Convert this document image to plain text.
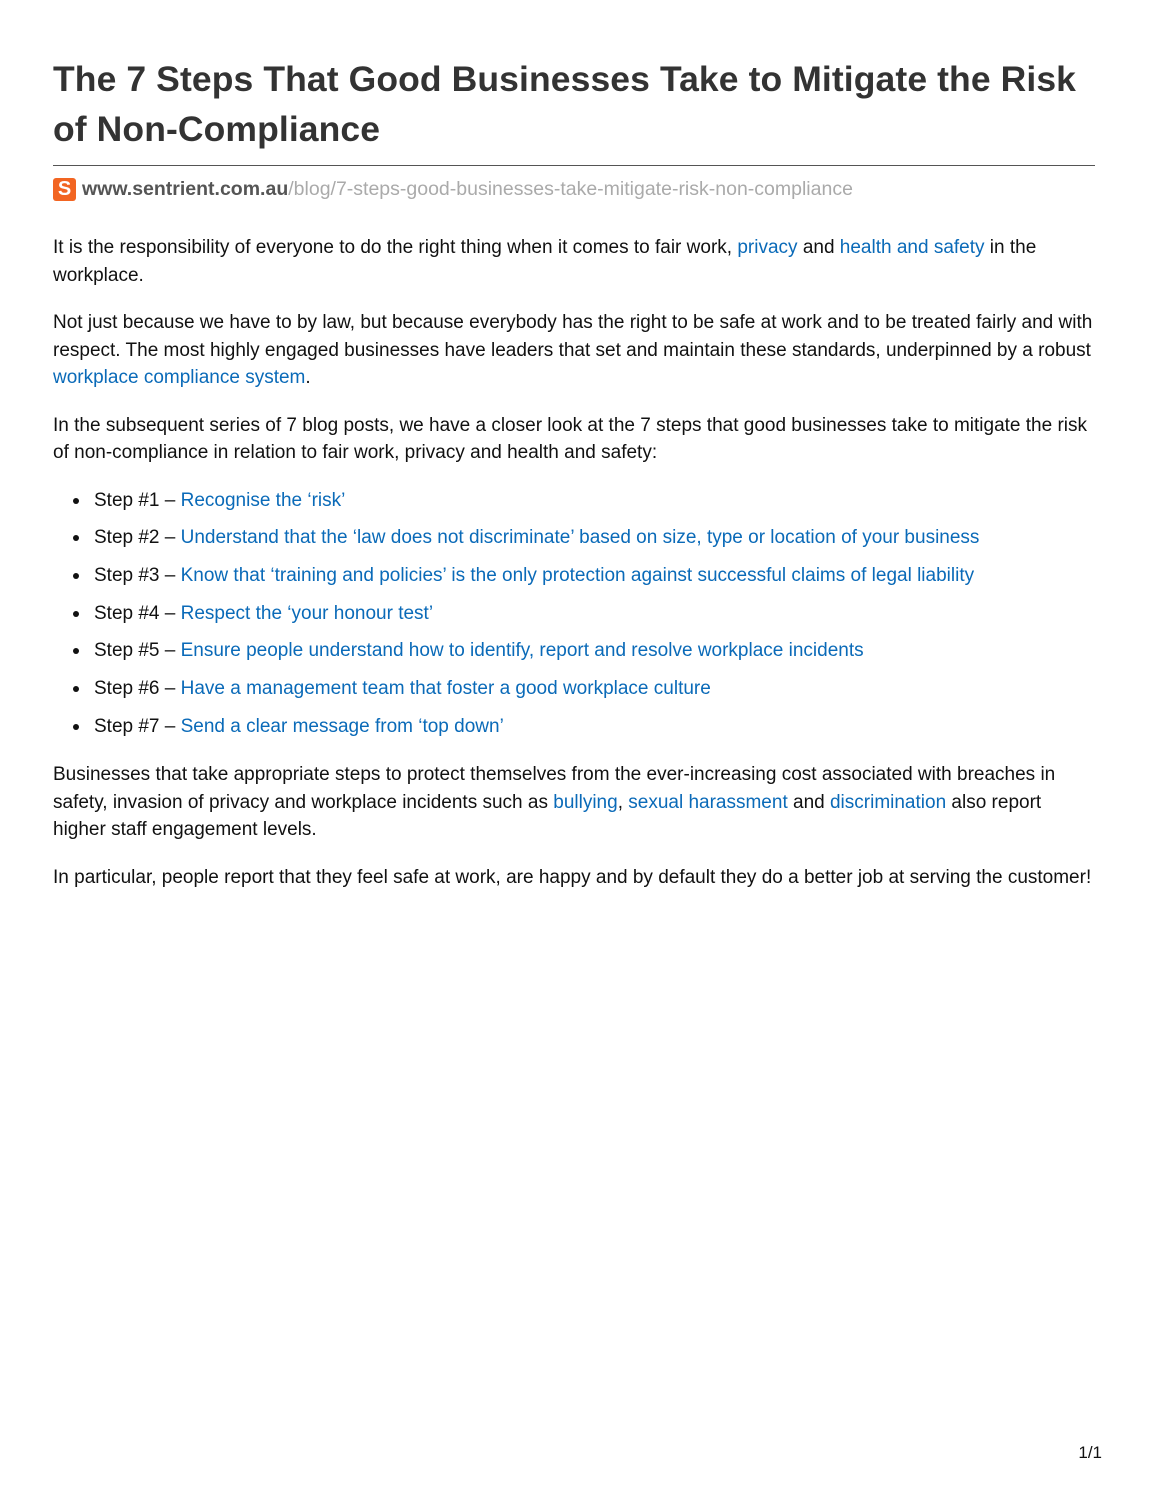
The 7 Steps That Good Businesses Take to Mitigate the Risk of Non-Compliance
S www.sentrient.com.au /blog/7-steps-good-businesses-take-mitigate-risk-non-compliance

It is the responsibility of everyone to do the right thing when it comes to fair work, privacy and health and safety in the workplace.

Not just because we have to by law, but because everybody has the right to be safe at work and to be treated fairly and with respect. The most highly engaged businesses have leaders that set and maintain these standards, underpinned by a robust workplace compliance system.

In the subsequent series of 7 blog posts, we have a closer look at the 7 steps that good businesses take to mitigate the risk of non-compliance in relation to fair work, privacy and health and safety:

Step #1 – Recognise the ‘risk’
Step #2 – Understand that the ‘law does not discriminate’ based on size, type or location of your business
Step #3 – Know that ‘training and policies’ is the only protection against successful claims of legal liability
Step #4 – Respect the ‘your honour test’
Step #5 – Ensure people understand how to identify, report and resolve workplace incidents
Step #6 – Have a management team that foster a good workplace culture
Step #7 – Send a clear message from ‘top down’

Businesses that take appropriate steps to protect themselves from the ever-increasing cost associated with breaches in safety, invasion of privacy and workplace incidents such as bullying, sexual harassment and discrimination also report higher staff engagement levels.

In particular, people report that they feel safe at work, are happy and by default they do a better job at serving the customer!

1/1
